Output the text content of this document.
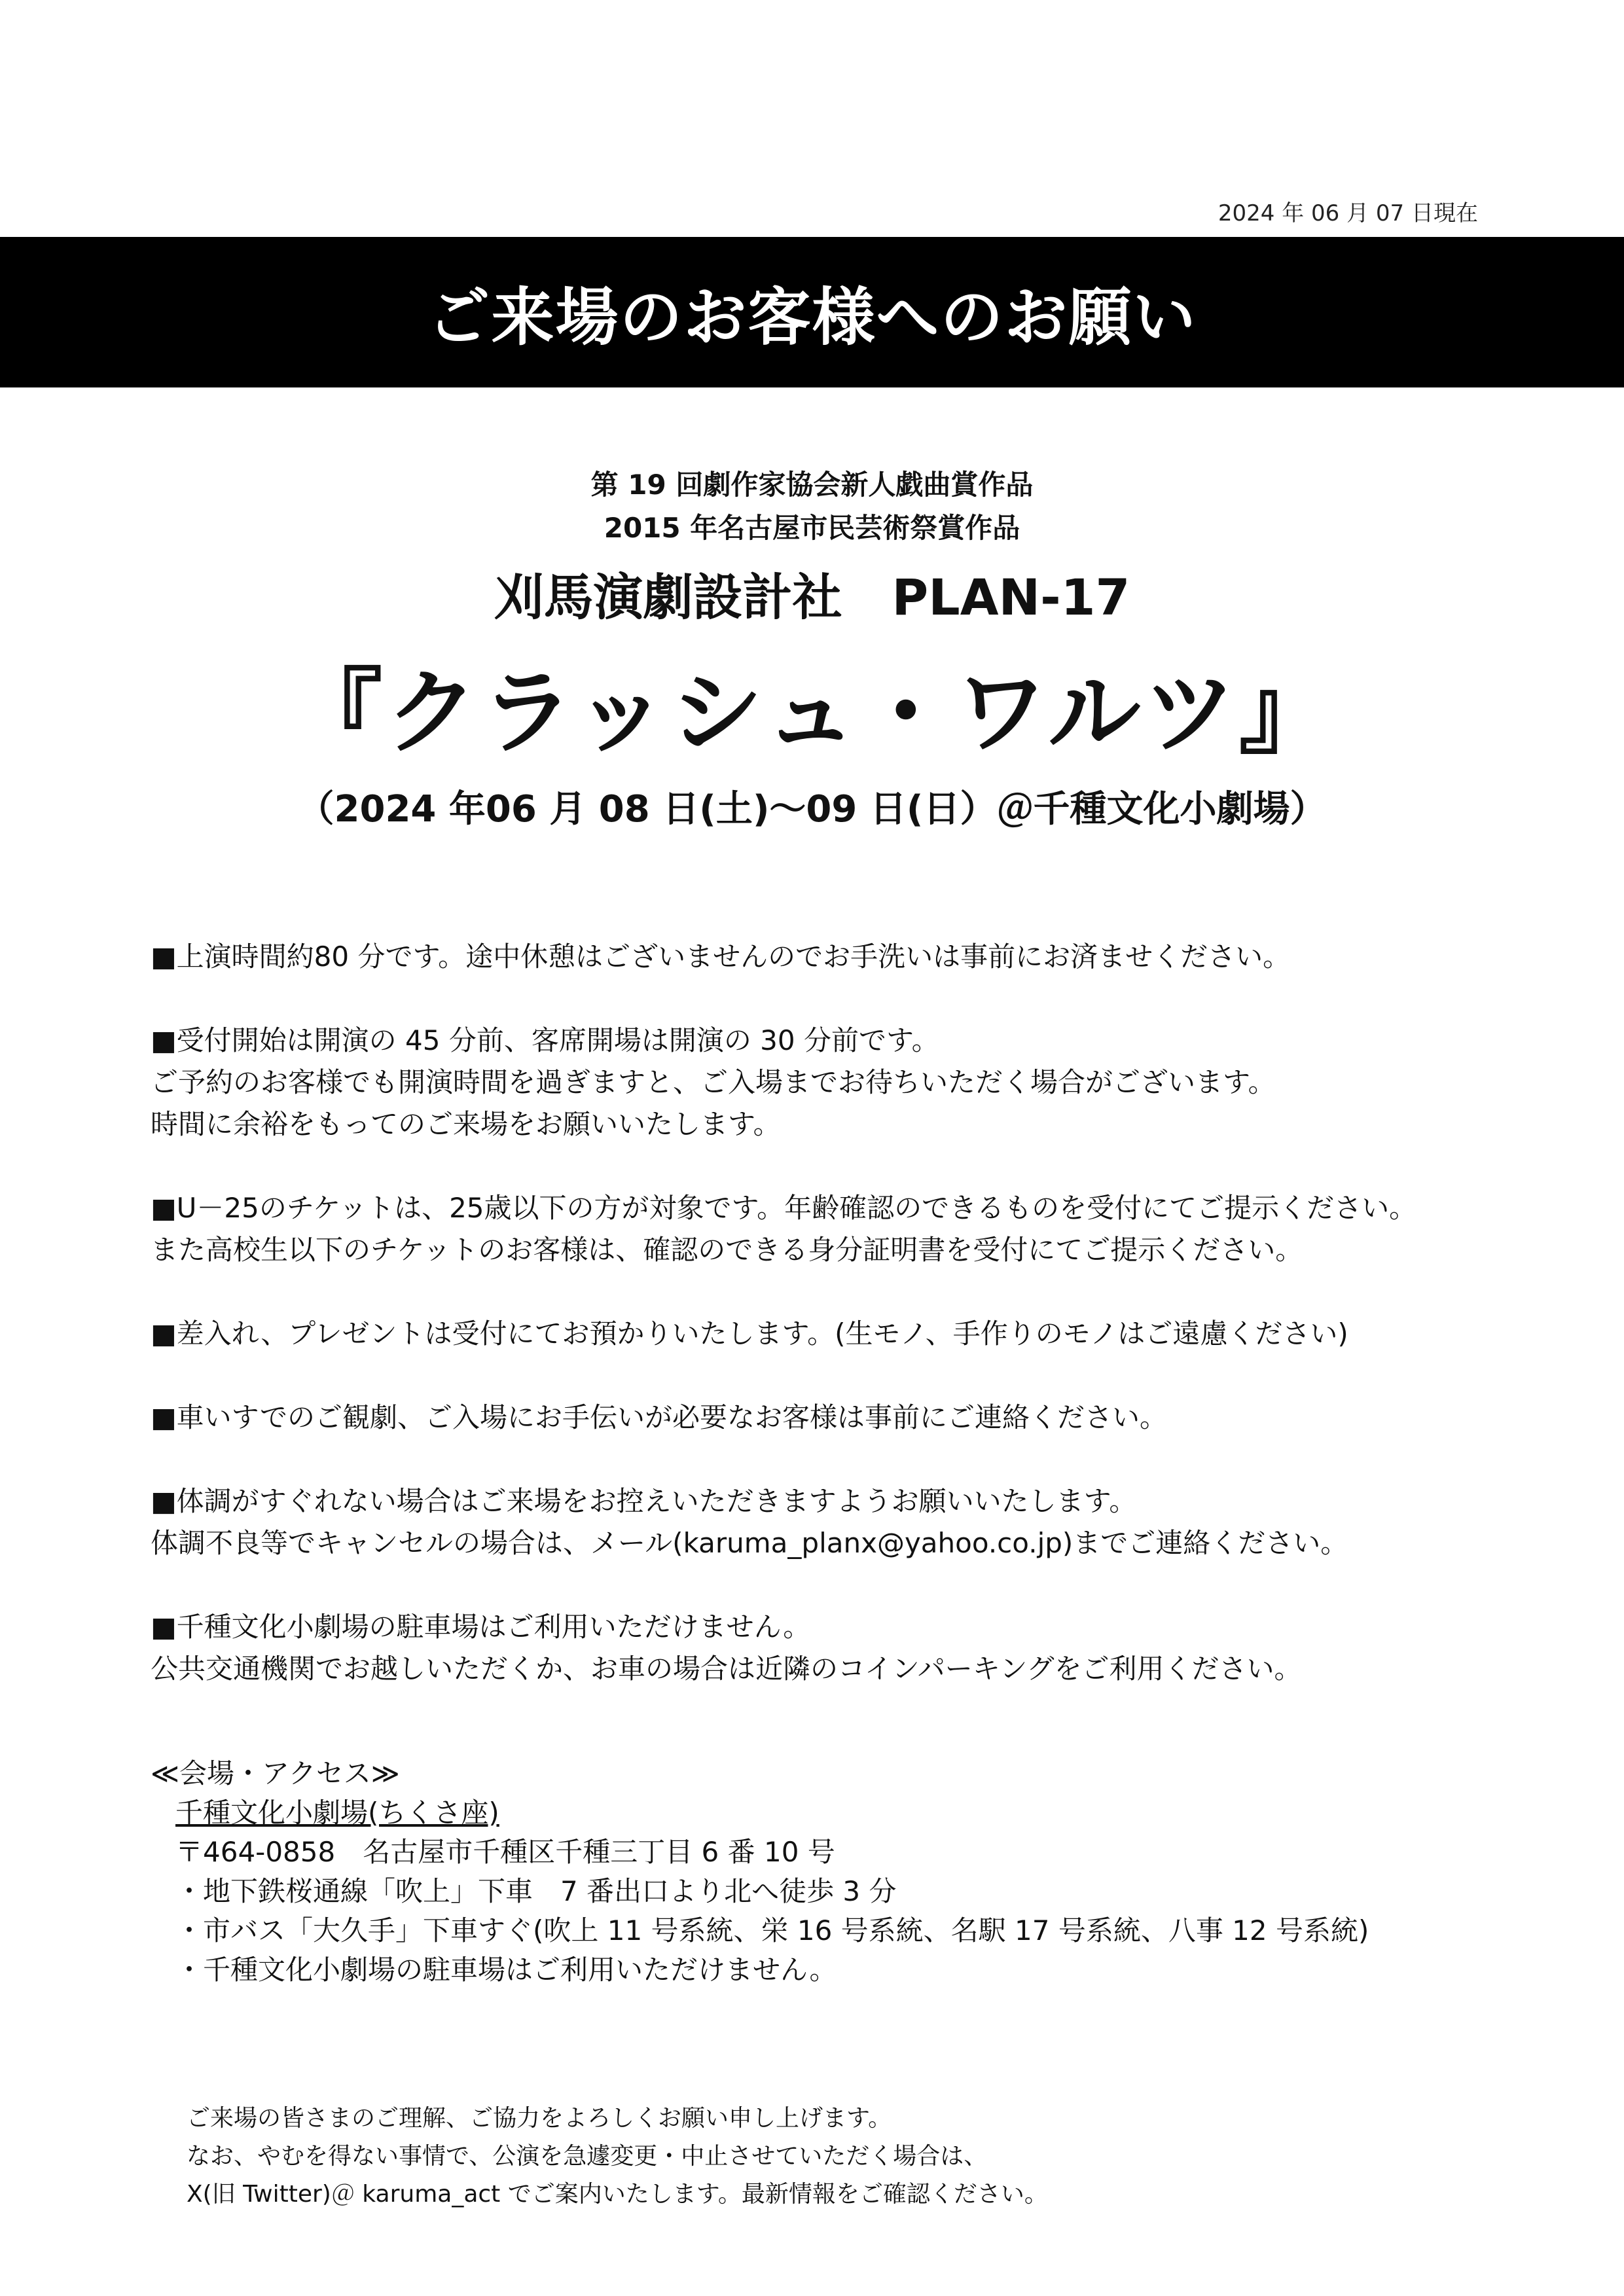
2024 年 06 月 07 日現在
ご来場のお客様へのお願い
第 19 回劇作家協会新人戯曲賞作品
2015 年名古屋市民芸術祭賞作品
刈馬演劇設計社　PLAN-17
『クラッシュ・ワルツ』
（2024 年06 月 08 日(土)～09 日(日）＠千種文化小劇場）

■上演時間約80 分です。途中休憩はございませんのでお手洗いは事前にお済ませください。

■受付開始は開演の 45 分前、客席開場は開演の 30 分前です。

ご予約のお客様でも開演時間を過ぎますと、ご入場までお待ちいただく場合がございます。

時間に余裕をもってのご来場をお願いいたします。

■U－25のチケットは、25歳以下の方が対象です。年齢確認のできるものを受付にてご提示ください。

また高校生以下のチケットのお客様は、確認のできる身分証明書を受付にてご提示ください。

■差入れ、プレゼントは受付にてお預かりいたします。(生モノ、手作りのモノはご遠慮ください)

■車いすでのご観劇、ご入場にお手伝いが必要なお客様は事前にご連絡ください。

■体調がすぐれない場合はご来場をお控えいただきますようお願いいたします。

体調不良等でキャンセルの場合は、メール(karuma_planx@yahoo.co.jp)までご連絡ください。

■千種文化小劇場の駐車場はご利用いただけません。

公共交通機関でお越しいただくか、お車の場合は近隣のコインパーキングをご利用ください。

≪会場・アクセス≫

千種文化小劇場(ちくさ座)

〒464-0858　名古屋市千種区千種三丁目 6 番 10 号

・地下鉄桜通線「吹上」下車　7 番出口より北へ徒歩 3 分

・市バス「大久手」下車すぐ(吹上 11 号系統、栄 16 号系統、名駅 17 号系統、八事 12 号系統)

・千種文化小劇場の駐車場はご利用いただけません。

ご来場の皆さまのご理解、ご協力をよろしくお願い申し上げます。

なお、やむを得ない事情で、公演を急遽変更・中止させていただく場合は、

X(旧 Twitter)＠ karuma_act でご案内いたします。最新情報をご確認ください。
